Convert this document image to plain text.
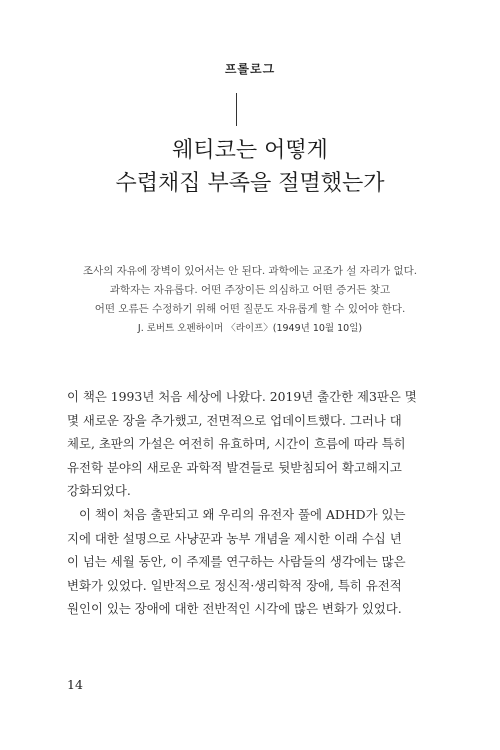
프롤로그
웨티코는 어떻게
수렵채집 부족을 절멸했는가
조사의 자유에 장벽이 있어서는 안 된다. 과학에는 교조가 설 자리가 없다.
과학자는 자유롭다. 어떤 주장이든 의심하고 어떤 증거든 찾고
어떤 오류든 수정하기 위해 어떤 질문도 자유롭게 할 수 있어야 한다.
J. 로버트 오펜하이머 〈라이프〉(1949년 10월 10일)
이 책은 1993년 처음 세상에 나왔다. 2019년 출간한 제3판은 몇
몇 새로운 장을 추가했고, 전면적으로 업데이트했다. 그러나 대
체로, 초판의 가설은 여전히 유효하며, 시간이 흐름에 따라 특히
유전학 분야의 새로운 과학적 발견들로 뒷받침되어 확고해지고
강화되었다.
이 책이 처음 출판되고 왜 우리의 유전자 풀에 ADHD가 있는
지에 대한 설명으로 사냥꾼과 농부 개념을 제시한 이래 수십 년
이 넘는 세월 동안, 이 주제를 연구하는 사람들의 생각에는 많은
변화가 있었다. 일반적으로 정신적·생리학적 장애, 특히 유전적
원인이 있는 장애에 대한 전반적인 시각에 많은 변화가 있었다.
14
